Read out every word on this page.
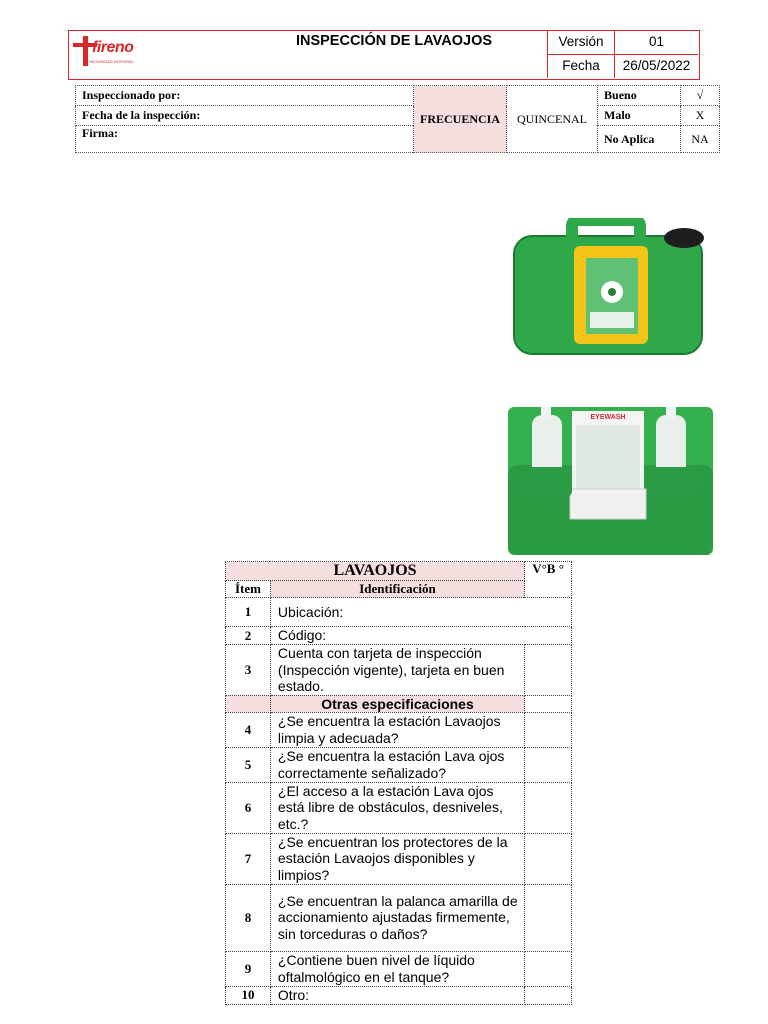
fireno
SEGURIDAD INTEGRAL
INSPECCIÓN DE LAVAOJOS	Versión	01
Fecha	26/05/2022
Inspeccionado por:	FRECUENCIA	QUINCENAL	Bueno	√
Fecha de la inspección:			Malo	X
Firma:			No Aplica	NA
EYEWASH
LAVAOJOS		V°B °
Ítem	Identificación	
1	Ubicación:	
2	Código:	
3	Cuenta con tarjeta de inspección (Inspección vigente), tarjeta en buen estado.	
	Otras especificaciones	
4	¿Se encuentra la estación Lavaojos limpia y adecuada?	
5	¿Se encuentra la estación Lava ojos correctamente señalizado?	
6	¿El acceso a la estación Lava ojos está libre de obstáculos, desniveles, etc.?	
7	¿Se encuentran los protectores de la estación Lavaojos disponibles y limpios?	
8	¿Se encuentran la palanca amarilla de accionamiento ajustadas firmemente, sin torceduras o daños?	
9	¿Contiene buen nivel de líquido oftalmológico en el tanque?	
10	Otro:	
